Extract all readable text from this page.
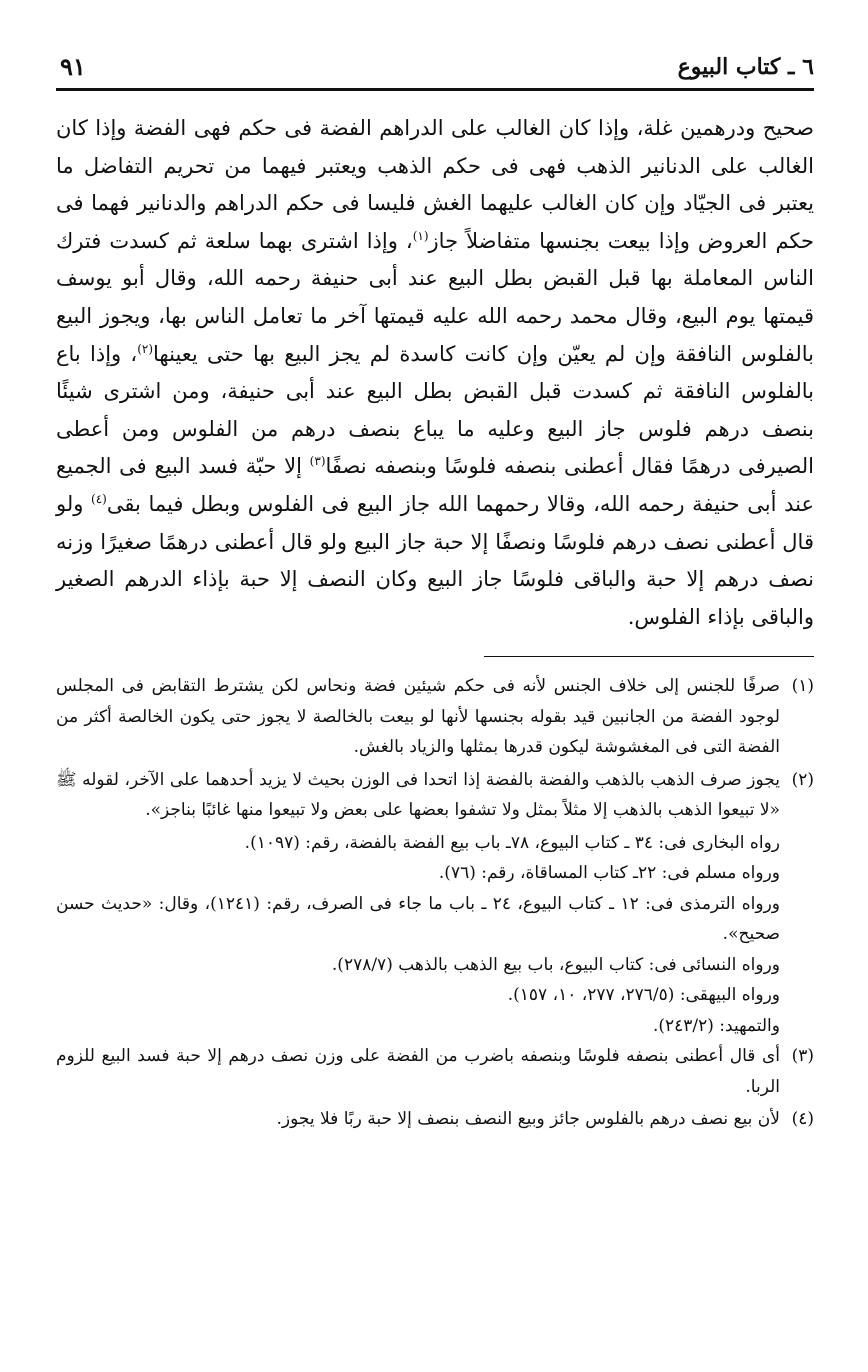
٦ ـ كتاب البيوع
٩١

صحيح ودرهمين غلة، وإذا كان الغالب على الدراهم الفضة فى حكم فهى الفضة وإذا كان الغالب على الدنانير الذهب فهى فى حكم الذهب ويعتبر فيهما من تحريم التفاضل ما يعتبر فى الجيّاد وإن كان الغالب عليهما الغش فليسا فى حكم الدراهم والدنانير فهما فى حكم العروض وإذا بيعت بجنسها متفاضلاً جاز$^{(١)}$، وإذا اشترى بهما سلعة ثم كسدت فترك الناس المعاملة بها قبل القبض بطل البيع عند أبى حنيفة رحمه الله، وقال أبو يوسف قيمتها يوم البيع، وقال محمد رحمه الله عليه قيمتها آخر ما تعامل الناس بها، ويجوز البيع بالفلوس النافقة وإن لم يعيّن وإن كانت كاسدة لم يجز البيع بها حتى يعينها$^{(٢)}$، وإذا باع بالفلوس النافقة ثم كسدت قبل القبض بطل البيع عند أبى حنيفة، ومن اشترى شيئًا بنصف درهم فلوس جاز البيع وعليه ما يباع بنصف درهم من الفلوس ومن أعطى الصيرفى درهمًا فقال أعطنى بنصفه فلوسًا وبنصفه نصفًا$^{(٣)}$ إلا حبّة فسد البيع فى الجميع عند أبى حنيفة رحمه الله، وقالا رحمهما الله جاز البيع فى الفلوس وبطل فيما بقى$^{(٤)}$ ولو قال أعطنى نصف درهم فلوسًا ونصفًا إلا حبة جاز البيع ولو قال أعطنى درهمًا صغيرًا وزنه نصف درهم إلا حبة والباقى فلوسًا جاز البيع وكان النصف إلا حبة بإذاء الدرهم الصغير والباقى بإذاء الفلوس.

(١)
صرفًا للجنس إلى خلاف الجنس لأنه فى حكم شيئين فضة ونحاس لكن يشترط التقابض فى المجلس لوجود الفضة من الجانبين قيد بقوله بجنسها لأنها لو بيعت بالخالصة لا يجوز حتى يكون الخالصة أكثر من الفضة التى فى المغشوشة ليكون قدرها بمثلها والزياد بالغش.

(٢)
يجوز صرف الذهب بالذهب والفضة بالفضة إذا اتحدا فى الوزن بحيث لا يزيد أحدهما على الآخر، لقوله ﷺ «لا تبيعوا الذهب بالذهب إلا مثلاً بمثل ولا تشفوا بعضها على بعض ولا تبيعوا منها غائبًا بناجز».

رواه البخارى فى: ٣٤ ـ كتاب البيوع، ٧٨ـ باب بيع الفضة بالفضة، رقم: (١٠٩٧).

ورواه مسلم فى: ٢٢ـ كتاب المساقاة، رقم: (٧٦).

ورواه الترمذى فى: ١٢ ـ كتاب البيوع، ٢٤ ـ باب ما جاء فى الصرف، رقم: (١٢٤١)، وقال: «حديث حسن صحيح».

ورواه النسائى فى: كتاب البيوع، باب بيع الذهب بالذهب (٢٧٨/٧).

ورواه البيهقى: (٢٧٦/٥، ٢٧٧، ١٠، ١٥٧).

والتمهيد: (٢٤٣/٢).

(٣)
أى قال أعطنى بنصفه فلوسًا وبنصفه باضرب من الفضة على وزن نصف درهم إلا حبة فسد البيع للزوم الربا.

(٤)
لأن بيع نصف درهم بالفلوس جائز وبيع النصف بنصف إلا حبة ربًا فلا يجوز.
